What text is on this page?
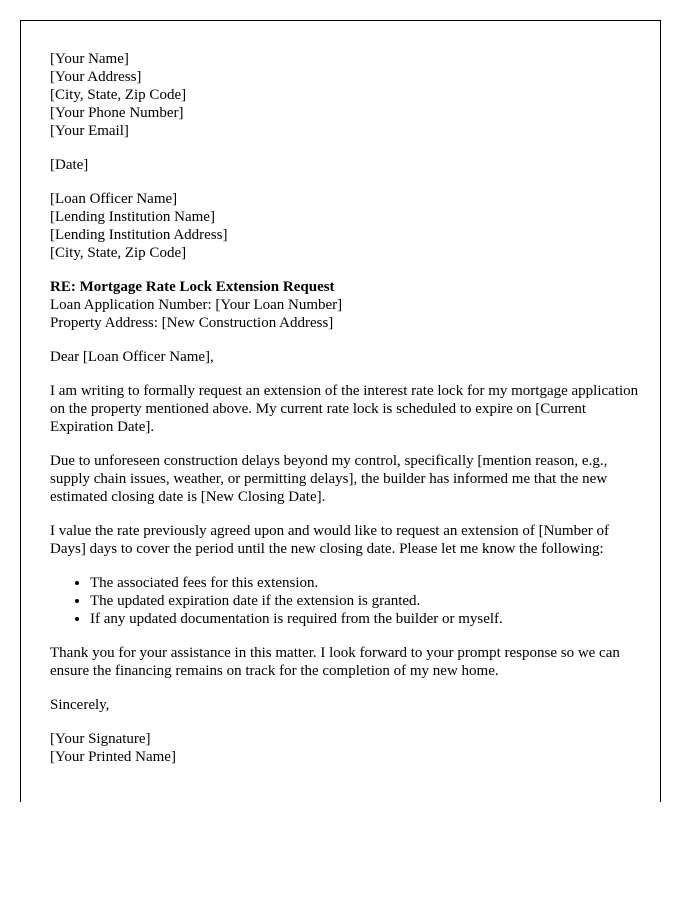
[Your Name]
[Your Address]
[City, State, Zip Code]
[Your Phone Number]
[Your Email]
[Date]
[Loan Officer Name]
[Lending Institution Name]
[Lending Institution Address]
[City, State, Zip Code]
RE: Mortgage Rate Lock Extension Request
Loan Application Number: [Your Loan Number]
Property Address: [New Construction Address]

Dear [Loan Officer Name],

I am writing to formally request an extension of the interest rate lock for my mortgage application on the property mentioned above. My current rate lock is scheduled to expire on [Current Expiration Date].

Due to unforeseen construction delays beyond my control, specifically [mention reason, e.g., supply chain issues, weather, or permitting delays], the builder has informed me that the new estimated closing date is [New Closing Date].

I value the rate previously agreed upon and would like to request an extension of [Number of Days] days to cover the period until the new closing date. Please let me know the following:

• The associated fees for this extension.
• The updated expiration date if the extension is granted.
• If any updated documentation is required from the builder or myself.

Thank you for your assistance in this matter. I look forward to your prompt response so we can ensure the financing remains on track for the completion of my new home.

Sincerely,

[Your Signature]
[Your Printed Name]
